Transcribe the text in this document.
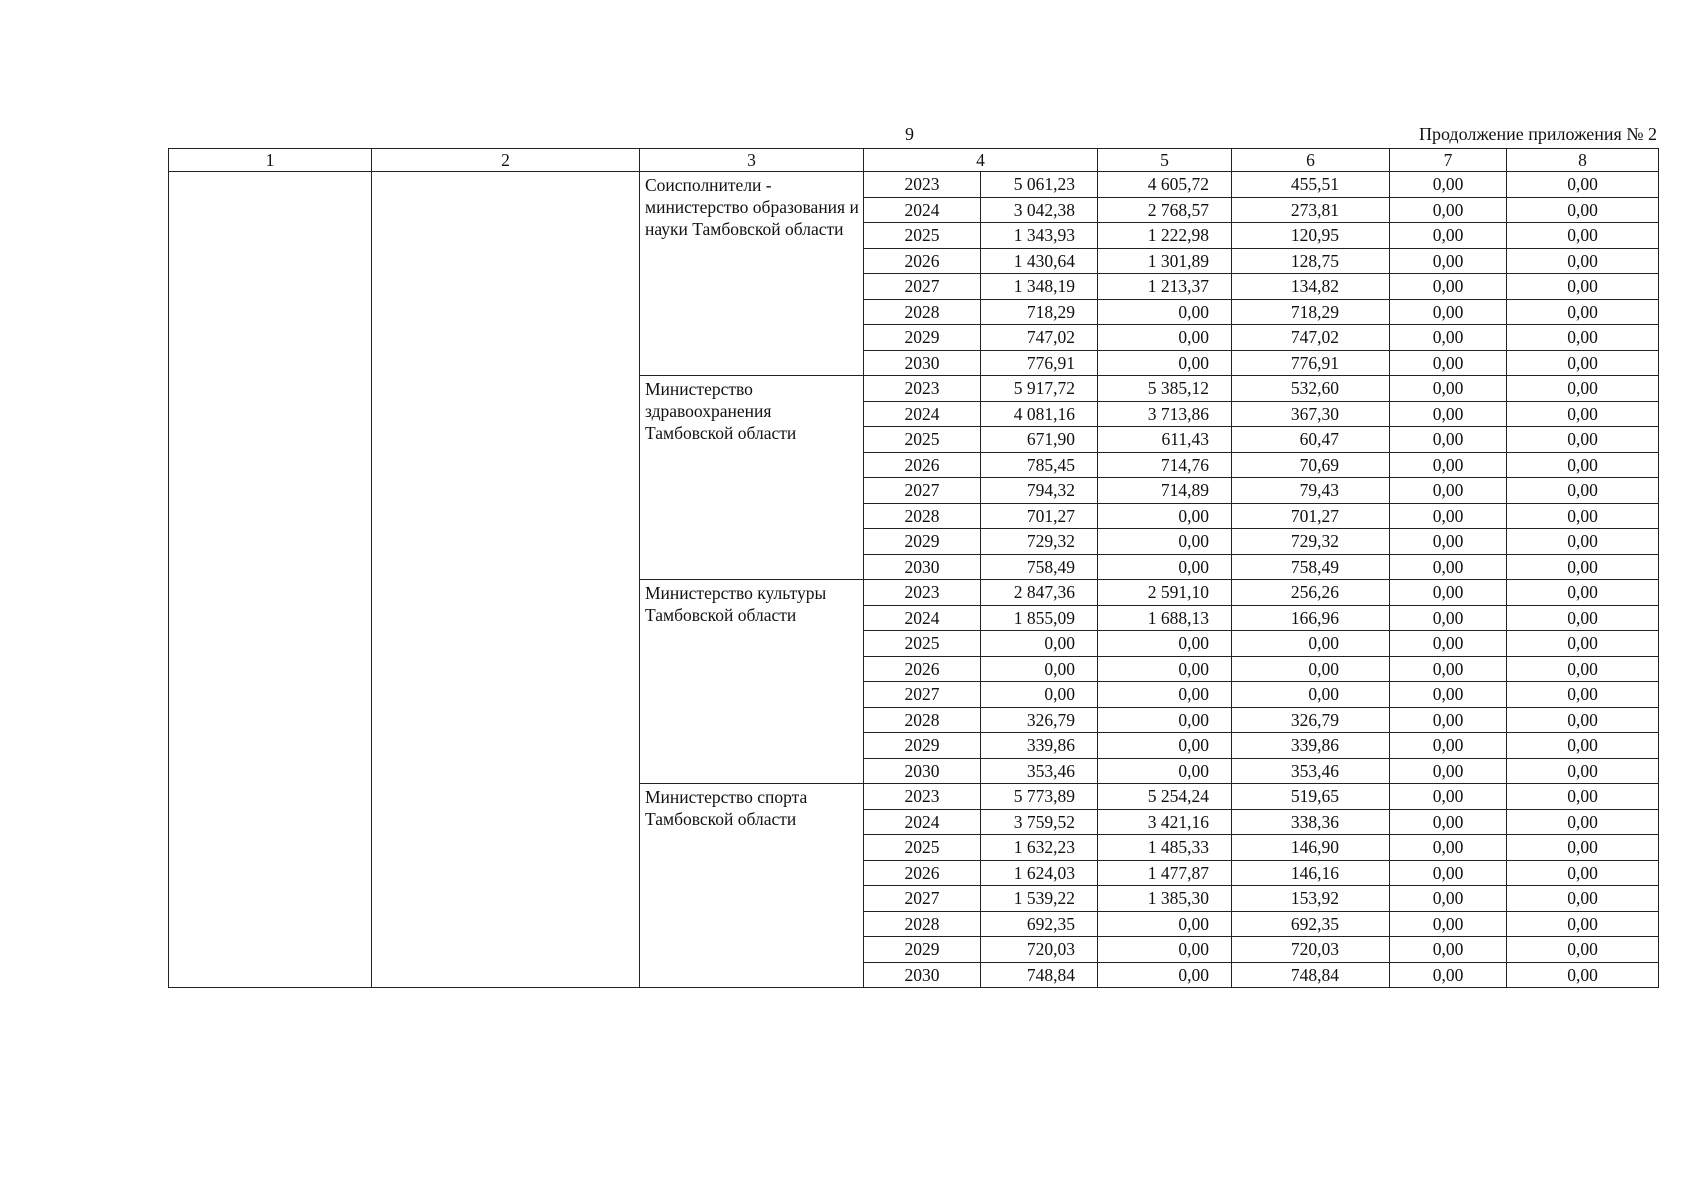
9	Продолжение приложения № 2
1	2	3	4		5	6	7	8
		Соисполнители - министерство образования и науки Тамбовской области	2023	5 061,23	4 605,72	455,51	0,00	0,00
			2024	3 042,38	2 768,57	273,81	0,00	0,00
			2025	1 343,93	1 222,98	120,95	0,00	0,00
			2026	1 430,64	1 301,89	128,75	0,00	0,00
			2027	1 348,19	1 213,37	134,82	0,00	0,00
			2028	718,29	0,00	718,29	0,00	0,00
			2029	747,02	0,00	747,02	0,00	0,00
			2030	776,91	0,00	776,91	0,00	0,00
		Министерство здравоохранения Тамбовской области	2023	5 917,72	5 385,12	532,60	0,00	0,00
			2024	4 081,16	3 713,86	367,30	0,00	0,00
			2025	671,90	611,43	60,47	0,00	0,00
			2026	785,45	714,76	70,69	0,00	0,00
			2027	794,32	714,89	79,43	0,00	0,00
			2028	701,27	0,00	701,27	0,00	0,00
			2029	729,32	0,00	729,32	0,00	0,00
			2030	758,49	0,00	758,49	0,00	0,00
		Министерство культуры Тамбовской области	2023	2 847,36	2 591,10	256,26	0,00	0,00
			2024	1 855,09	1 688,13	166,96	0,00	0,00
			2025	0,00	0,00	0,00	0,00	0,00
			2026	0,00	0,00	0,00	0,00	0,00
			2027	0,00	0,00	0,00	0,00	0,00
			2028	326,79	0,00	326,79	0,00	0,00
			2029	339,86	0,00	339,86	0,00	0,00
			2030	353,46	0,00	353,46	0,00	0,00
		Министерство спорта Тамбовской области	2023	5 773,89	5 254,24	519,65	0,00	0,00
			2024	3 759,52	3 421,16	338,36	0,00	0,00
			2025	1 632,23	1 485,33	146,90	0,00	0,00
			2026	1 624,03	1 477,87	146,16	0,00	0,00
			2027	1 539,22	1 385,30	153,92	0,00	0,00
			2028	692,35	0,00	692,35	0,00	0,00
			2029	720,03	0,00	720,03	0,00	0,00
			2030	748,84	0,00	748,84	0,00	0,00
